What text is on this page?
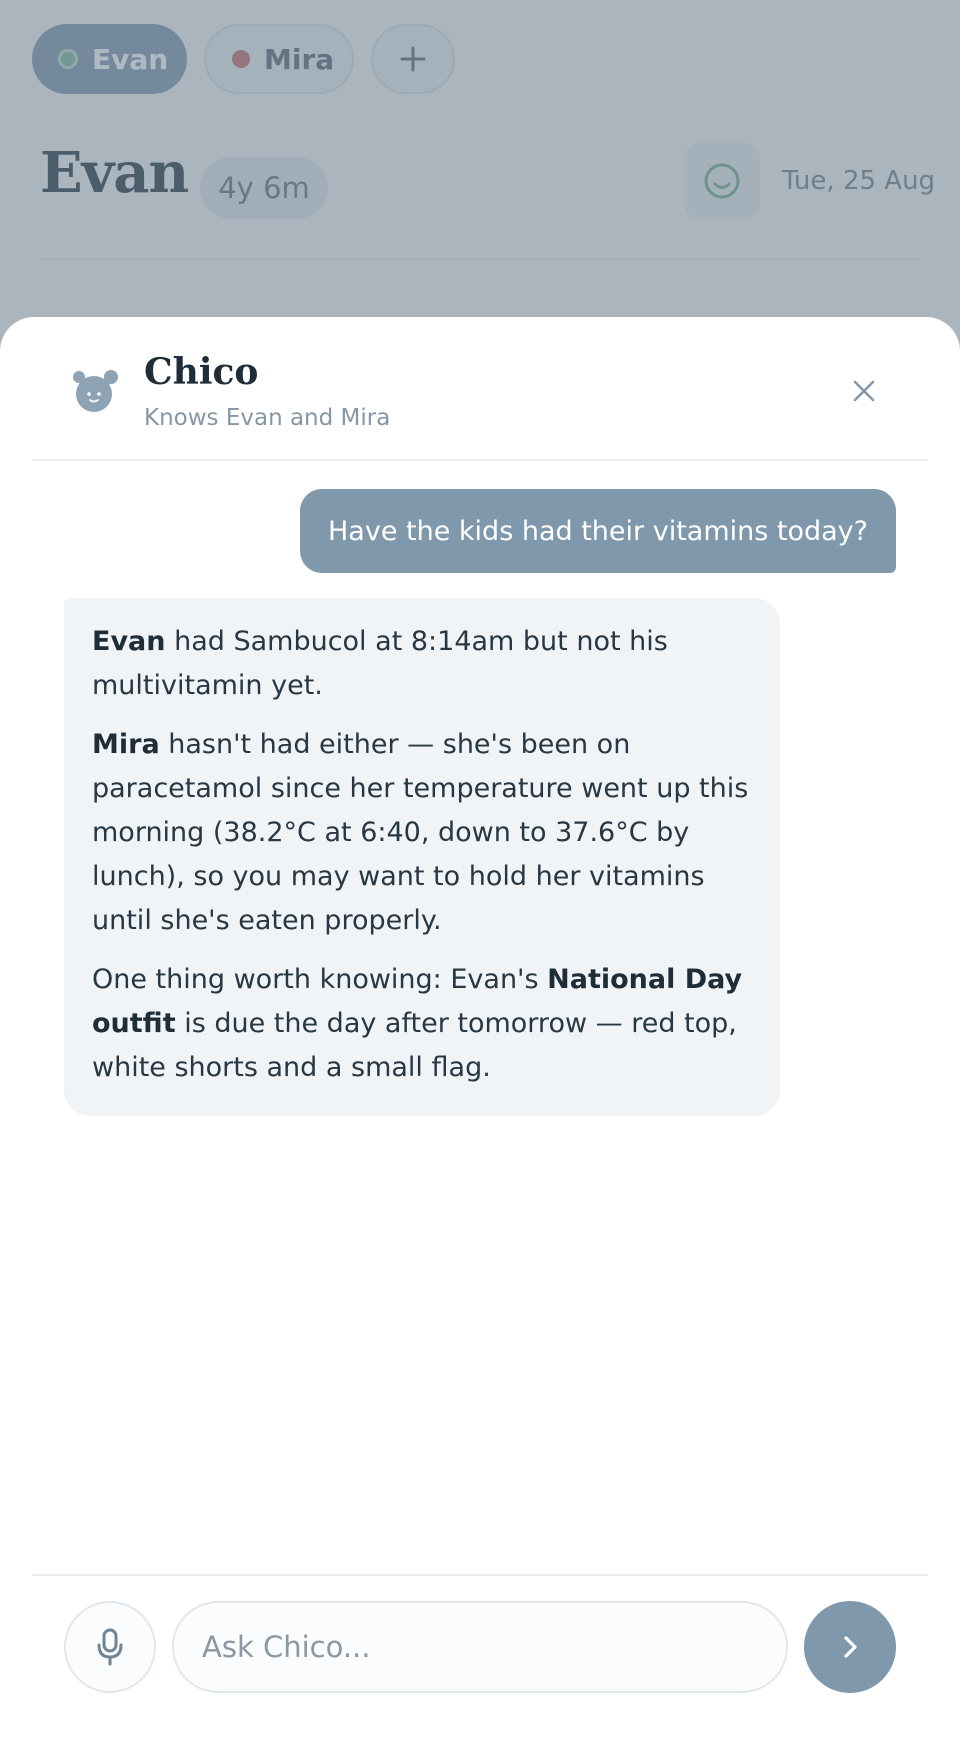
Chico
Knows Evan and Mira
Have the kids had their vitamins today?

Evan had Sambucol at 8:14am but not his multivitamin yet.

Mira hasn't had either — she's been on paracetamol since her temperature went up this morning (38.2°C at 6:40, down to 37.6°C by lunch), so you may want to hold her vitamins until she's eaten properly.

One thing worth knowing: Evan's National Day outfit is due the day after tomorrow — red top, white shorts and a small flag.

Ask Chico...
